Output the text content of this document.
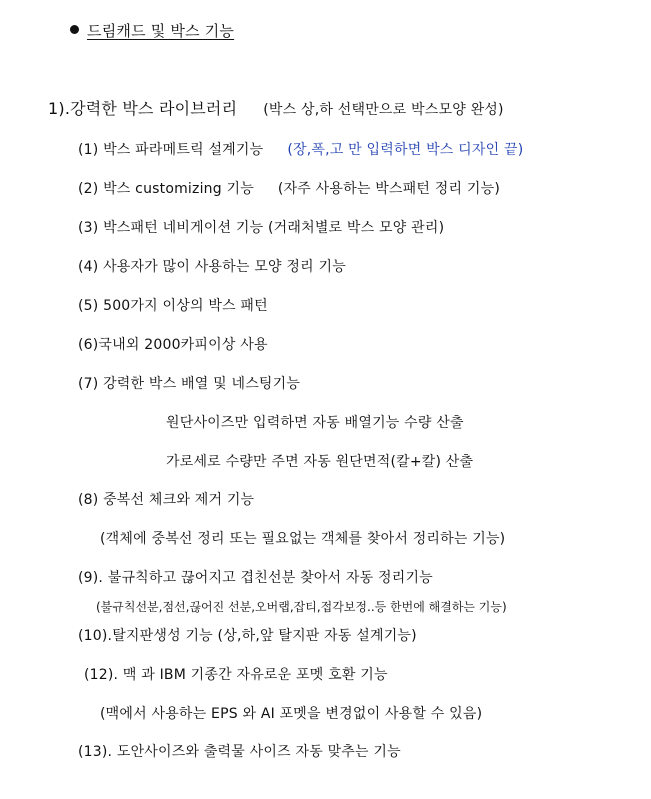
드림캐드 및 박스 기능
1).강력한 박스 라이브러리 (박스 상,하 선택만으로 박스모양 완성)
(1) 박스 파라메트릭 설계기능 (장,폭,고 만 입력하면 박스 디자인 끝)
(2) 박스 customizing 기능 (자주 사용하는 박스패턴 정리 기능)
(3) 박스패턴 네비게이션 기능 (거래처별로 박스 모양 관리)
(4) 사용자가 많이 사용하는 모양 정리 기능
(5) 500가지 이상의 박스 패턴
(6)국내외 2000카피이상 사용
(7) 강력한 박스 배열 및 네스팅기능
원단사이즈만 입력하면 자동 배열기능 수량 산출
가로세로 수량만 주면 자동 원단면적(칼+칼) 산출
(8) 중복선 체크와 제거 기능
(객체에 중복선 정리 또는 필요없는 객체를 찾아서 정리하는 기능)
(9). 불규칙하고 끊어지고 겹친선분 찾아서 자동 정리기능
(불규칙선분,점선,끊어진 선분,오버랩,잡티,접각보정..등 한번에 해결하는 기능)
(10).탈지판생성 기능 (상,하,앞 탈지판 자동 설계기능)
(12). 맥 과 IBM 기종간 자유로운 포멧 호환 기능
(맥에서 사용하는 EPS 와 AI 포멧을 변경없이 사용할 수 있음)
(13). 도안사이즈와 출력물 사이즈 자동 맞추는 기능
